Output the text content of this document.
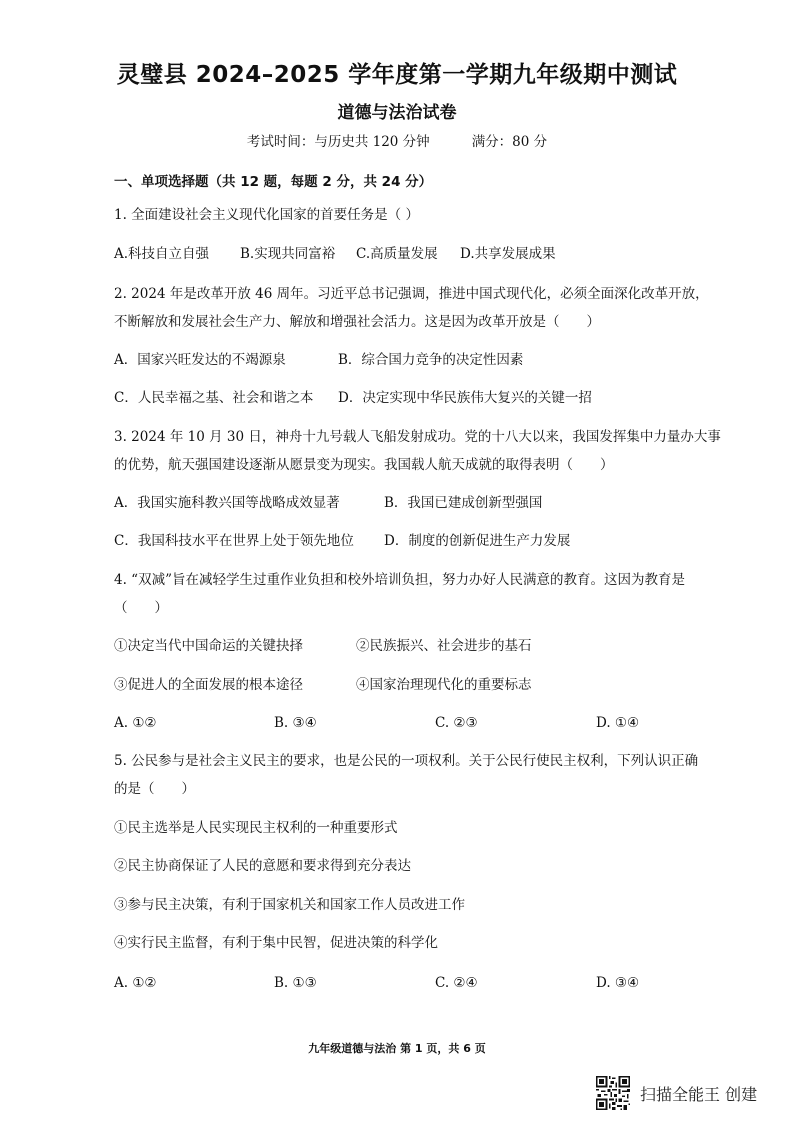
灵璧县 2024–2025 学年度第一学期九年级期中测试
道德与法治试卷
考试时间：与历史共 120 分钟	满分：80 分
一、单项选择题（共 12 题，每题 2 分，共 24 分）
1. 全面建设社会主义现代化国家的首要任务是（ ）
A.科技自立自强 B.实现共同富裕 C.高质量发展 D.共享发展成果
2. 2024 年是改革开放 46 周年。习近平总书记强调，推进中国式现代化，必须全面深化改革开放，
不断解放和发展社会生产力、解放和增强社会活力。这是因为改革开放是（　　）
A．国家兴旺发达的不竭源泉	B．综合国力竞争的决定性因素
C．人民幸福之基、社会和谐之本 D．决定实现中华民族伟大复兴的关键一招
3. 2024 年 10 月 30 日，神舟十九号载人飞船发射成功。党的十八大以来，我国发挥集中力量办大事
的优势，航天强国建设逐渐从愿景变为现实。我国载人航天成就的取得表明（　　）
A．我国实施科教兴国等战略成效显著	B．我国已建成创新型强国
C．我国科技水平在世界上处于领先地位 D．制度的创新促进生产力发展
4. “双减”旨在减轻学生过重作业负担和校外培训负担，努力办好人民满意的教育。这因为教育是
（　　）
①决定当代中国命运的关键抉择	②民族振兴、社会进步的基石
③促进人的全面发展的根本途径	④国家治理现代化的重要标志
A. ①②	B. ③④	C. ②③	D. ①④
5. 公民参与是社会主义民主的要求，也是公民的一项权利。关于公民行使民主权利，下列认识正确
的是（　　）
①民主选举是人民实现民主权利的一种重要形式
②民主协商保证了人民的意愿和要求得到充分表达
③参与民主决策，有利于国家机关和国家工作人员改进工作
④实行民主监督，有利于集中民智，促进决策的科学化
A. ①②	B. ①③	C. ②④	D. ③④
九年级道德与法治 第 1 页，共 6 页
扫描全能王 创建
